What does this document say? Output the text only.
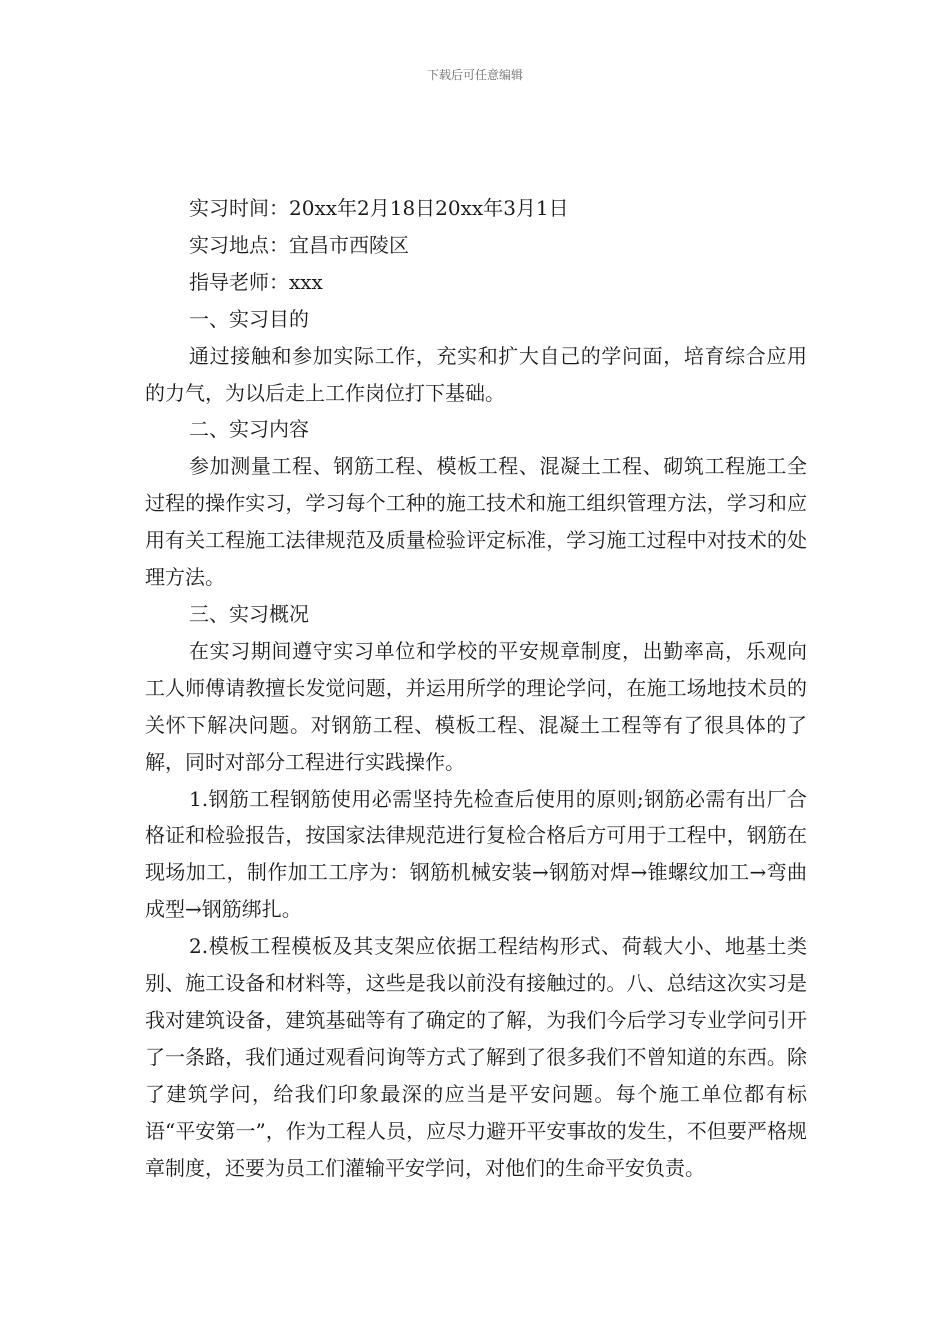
下载后可任意编辑

实习时间：20xx年2月18日20xx年3月1日

实习地点：宜昌市西陵区

指导老师：xxx

一、实习目的

通过接触和参加实际工作，充实和扩大自己的学问面，培育综合应用的力气，为以后走上工作岗位打下基础。

二、实习内容

参加测量工程、钢筋工程、模板工程、混凝土工程、砌筑工程施工全过程的操作实习，学习每个工种的施工技术和施工组织管理方法，学习和应用有关工程施工法律规范及质量检验评定标准，学习施工过程中对技术的处理方法。

三、实习概况

在实习期间遵守实习单位和学校的平安规章制度，出勤率高，乐观向工人师傅请教擅长发觉问题，并运用所学的理论学问，在施工场地技术员的关怀下解决问题。对钢筋工程、模板工程、混凝土工程等有了很具体的了解，同时对部分工程进行实践操作。

1.钢筋工程钢筋使用必需坚持先检查后使用的原则;钢筋必需有出厂合格证和检验报告，按国家法律规范进行复检合格后方可用于工程中，钢筋在现场加工，制作加工工序为：钢筋机械安装→钢筋对焊→锥螺纹加工→弯曲成型→钢筋绑扎。

2.模板工程模板及其支架应依据工程结构形式、荷载大小、地基土类别、施工设备和材料等，这些是我以前没有接触过的。八、总结这次实习是我对建筑设备，建筑基础等有了确定的了解，为我们今后学习专业学问引开了一条路，我们通过观看问询等方式了解到了很多我们不曾知道的东西。除了建筑学问，给我们印象最深的应当是平安问题。每个施工单位都有标语“平安第一”，作为工程人员，应尽力避开平安事故的发生，不但要严格规章制度，还要为员工们灌输平安学问，对他们的生命平安负责。
